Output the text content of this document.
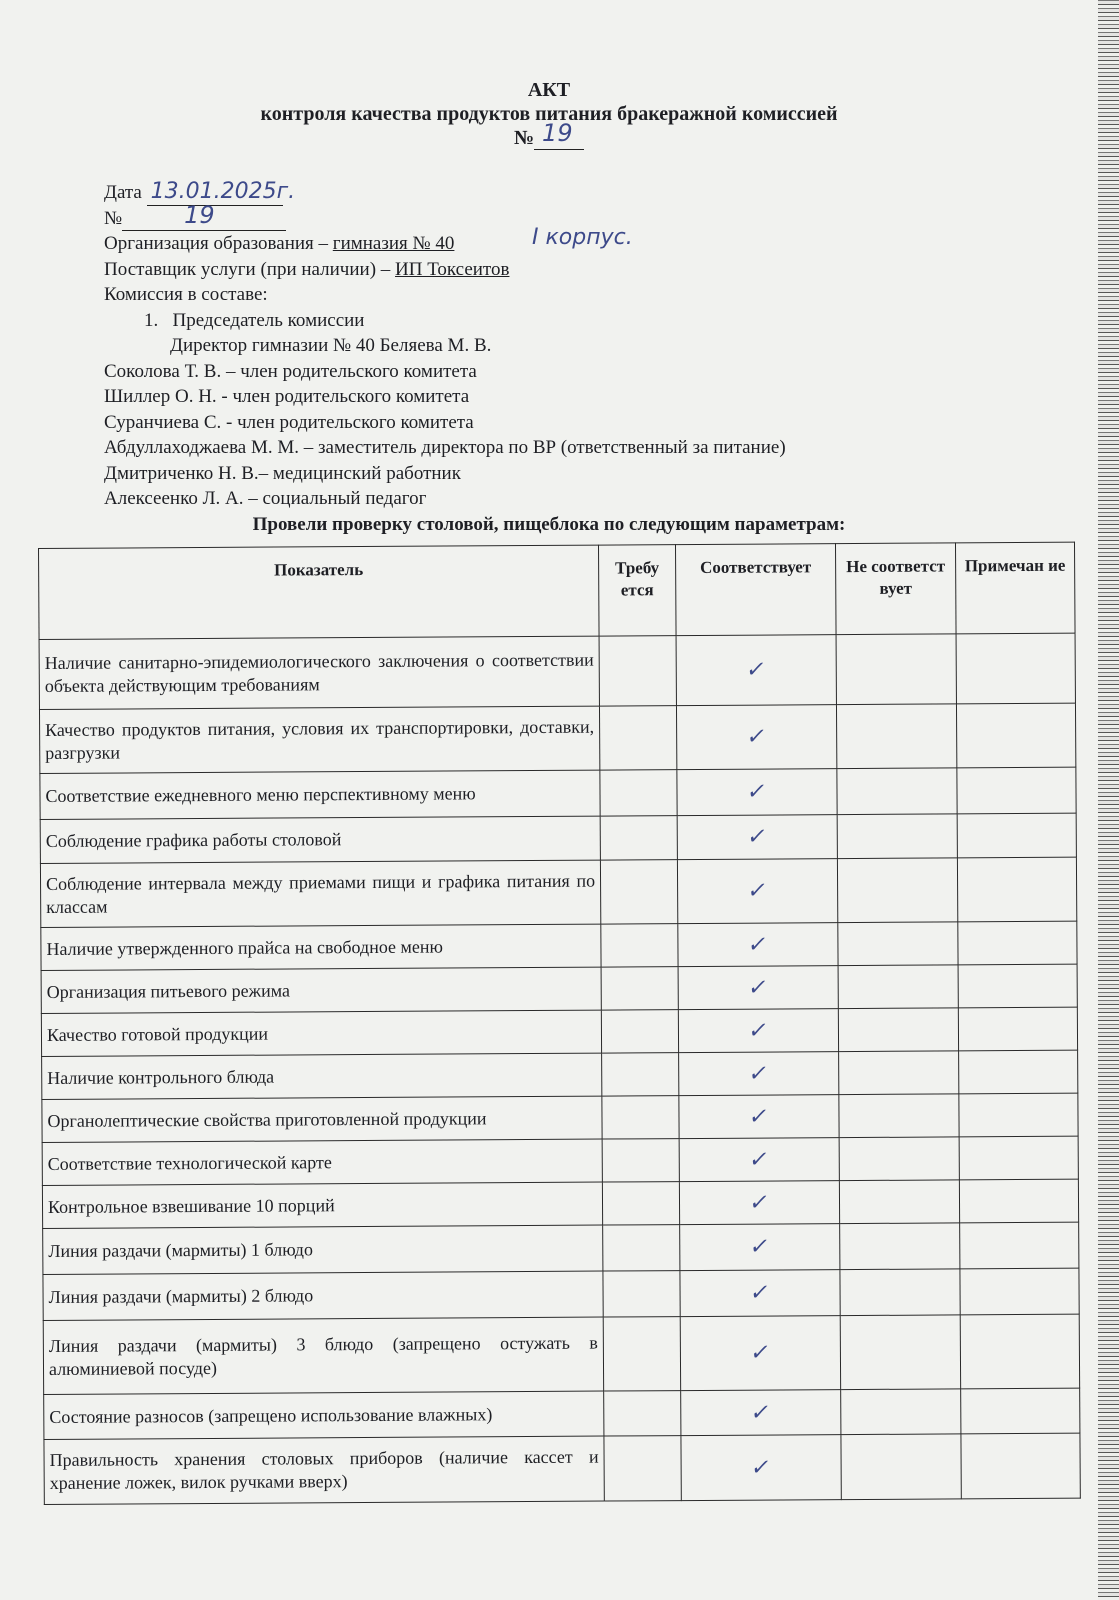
АКТ
контроля качества продуктов питания бракеражной комиссией
№ 19
Дата 13.01.2025г.
№	19
Организация образования – гимназия № 40	I корпус.
Поставщик услуги (при наличии) – ИП Токсеитов
Комиссия в составе:
1.   Председатель комиссии
Директор гимназии № 40 Беляева М. В.
Соколова Т. В. – член родительского комитета
Шиллер О. Н. - член родительского комитета
Суранчиева С. - член родительского комитета
Абдуллаходжаева М. М. – заместитель директора по ВР (ответственный за питание)
Дмитриченко Н. В.– медицинский работник
Алексеенко Л. А. – социальный педагог
Провели проверку столовой, пищеблока по следующим параметрам:
Показатель	Требу ется	Соответствует	Не соответст вует	Примечан ие
Наличие санитарно-эпидемиологического заключения о соответствии объекта действующим требованиям		✓		
Качество продуктов питания, условия их транспортировки, доставки, разгрузки		✓		
Соответствие ежедневного меню перспективному меню		✓		
Соблюдение графика работы столовой		✓		
Соблюдение интервала между приемами пищи и графика питания по классам		✓		
Наличие утвержденного прайса на свободное меню		✓		
Организация питьевого режима		✓		
Качество готовой продукции		✓		
Наличие контрольного блюда		✓		
Органолептические свойства приготовленной продукции		✓		
Соответствие технологической карте		✓		
Контрольное взвешивание 10 порций		✓		
Линия раздачи (мармиты) 1 блюдо		✓		
Линия раздачи (мармиты) 2 блюдо		✓		
Линия раздачи (мармиты) 3 блюдо (запрещено остужать в алюминиевой посуде)		✓		
Состояние разносов (запрещено использование влажных)		✓		
Правильность хранения столовых приборов (наличие кассет и хранение ложек, вилок ручками вверх)		✓		
